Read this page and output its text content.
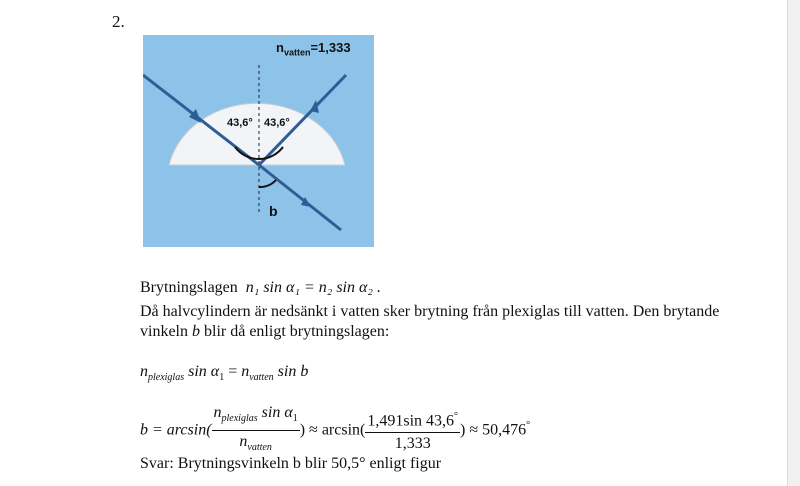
2.
$n_{vatten}=1,333$
43,6° 43,6°
b
Brytningslagen n₁ sin α₁ = n₂ sin α₂ .
Då halvcylindern är nedsänkt i vatten sker brytning från plexiglas till vatten. Den brytande
vinkeln b blir då enligt brytningslagen:
$n_{plexiglas}$ $\sin \alpha_1 = n_{vatten}$ sin b
$b = \arcsin( \frac{n_{plexiglas} \sin \alpha_1}{n_{vatten}}$ ) ≈ $\arcsin( \frac{1,491\sin 43,6^\circ}{1,333}$ ) ≈ 50,476°
Svar: Brytningsvinkeln b blir 50,5° enligt figur
